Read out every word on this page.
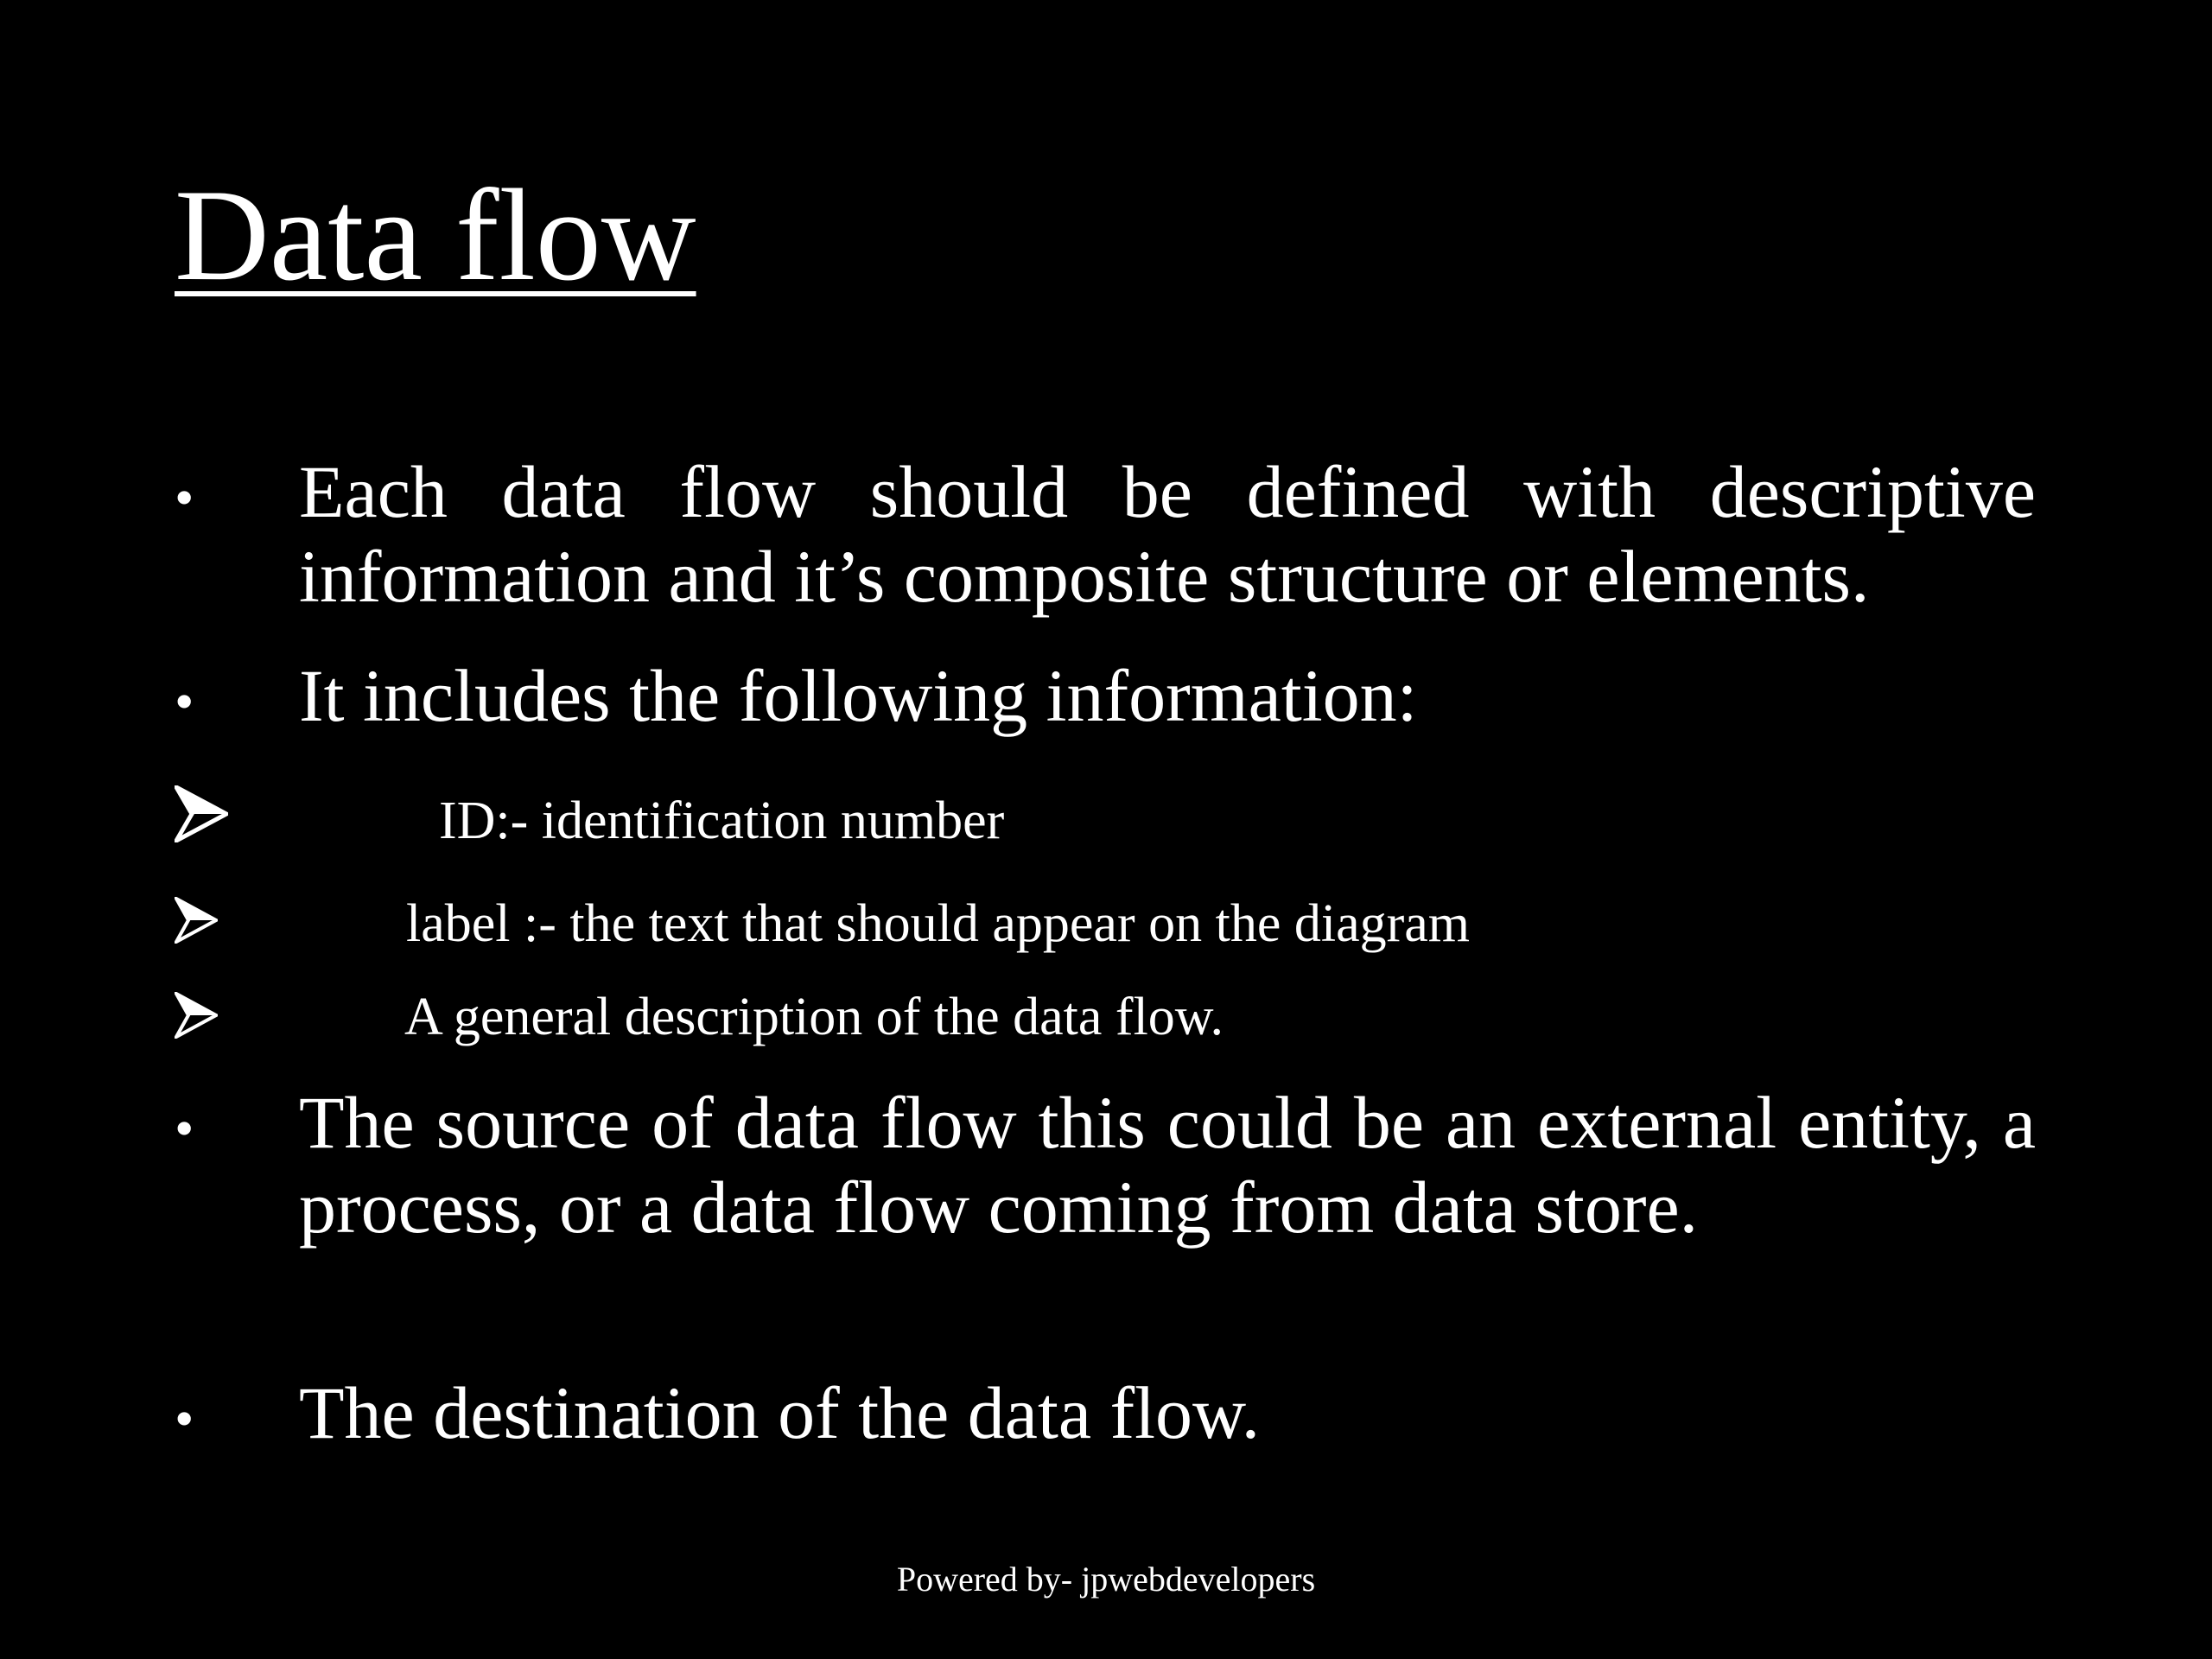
Data flow
• Each data flow should be defined with descriptive information and it’s composite structure or elements.

• It includes the following information:

ID:- identification number

label :- the text that should appear on the diagram

A general description of the data flow.

• The source of data flow this could be an external entity, a process, or a data flow coming from data store.

• The destination of the data flow.

Powered by- jpwebdevelopers
